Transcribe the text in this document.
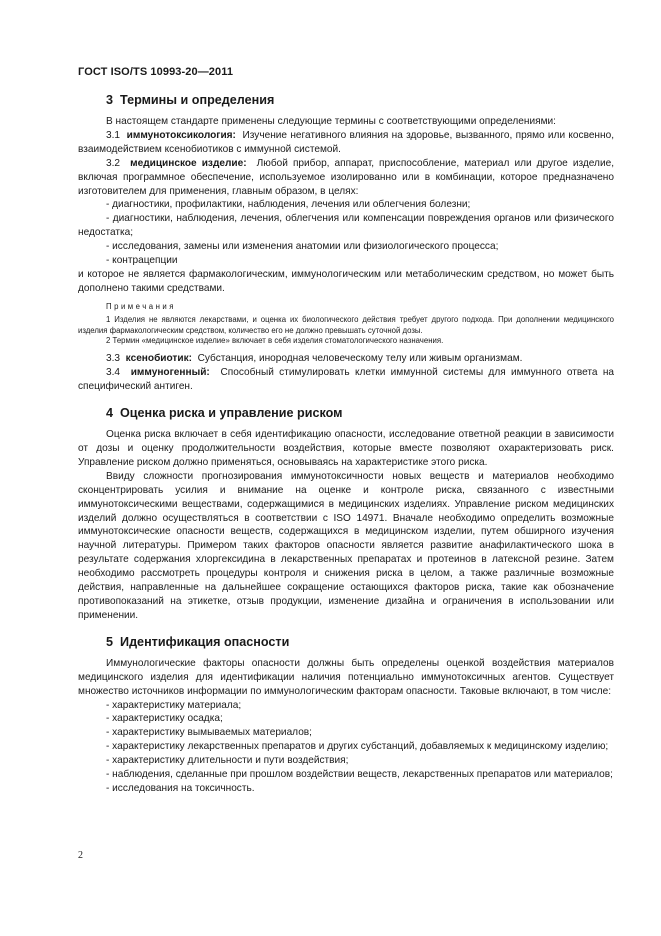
ГОСТ ISO/TS 10993-20—2011
3 Термины и определения

В настоящем стандарте применены следующие термины с соответствующими определениями:

3.1 иммунотоксикология: Изучение негативного влияния на здоровье, вызванного, прямо или косвенно, взаимодействием ксенобиотиков с иммунной системой.

3.2 медицинское изделие: Любой прибор, аппарат, приспособление, материал или другое изделие, включая программное обеспечение, используемое изолированно или в комбинации, которое предназначено изготовителем для применения, главным образом, в целях:

- диагностики, профилактики, наблюдения, лечения или облегчения болезни;

- диагностики, наблюдения, лечения, облегчения или компенсации повреждения органов или физического недостатка;

- исследования, замены или изменения анатомии или физиологического процесса;

- контрацепции

и которое не является фармакологическим, иммунологическим или метаболическим средством, но может быть дополнено такими средствами.

Примечания

1 Изделия не являются лекарствами, и оценка их биологического действия требует другого подхода. При дополнении медицинского изделия фармакологическим средством, количество его не должно превышать суточной дозы.

2 Термин «медицинское изделие» включает в себя изделия стоматологического назначения.

3.3 ксенобиотик: Субстанция, инородная человеческому телу или живым организмам.

3.4 иммуногенный: Способный стимулировать клетки иммунной системы для иммунного ответа на специфический антиген.

4 Оценка риска и управление риском

Оценка риска включает в себя идентификацию опасности, исследование ответной реакции в зависимости от дозы и оценку продолжительности воздействия, которые вместе позволяют охарактеризовать риск. Управление риском должно применяться, основываясь на характеристике этого риска.

Ввиду сложности прогнозирования иммунотоксичности новых веществ и материалов необходимо сконцентрировать усилия и внимание на оценке и контроле риска, связанного с известными иммунотоксическими веществами, содержащимися в медицинских изделиях. Управление риском медицинских изделий должно осуществляться в соответствии с ISO 14971. Вначале необходимо определить возможные иммунотоксические опасности веществ, содержащихся в медицинском изделии, путем обширного изучения научной литературы. Примером таких факторов опасности является развитие анафилактического шока в результате содержания хлоргексидина в лекарственных препаратах и протеинов в латексной резине. Затем необходимо рассмотреть процедуры контроля и снижения риска в целом, а также различные возможные действия, направленные на дальнейшее сокращение остающихся факторов риска, такие как обозначение противопоказаний на этикетке, отзыв продукции, изменение дизайна и ограничения в использовании или применении.

5 Идентификация опасности

Иммунологические факторы опасности должны быть определены оценкой воздействия материалов медицинского изделия для идентификации наличия потенциально иммунотоксичных агентов. Существует множество источников информации по иммунологическим факторам опасности. Таковые включают, в том числе:

- характеристику материала;

- характеристику осадка;

- характеристику вымываемых материалов;

- характеристику лекарственных препаратов и других субстанций, добавляемых к медицинскому изделию;

- характеристику длительности и пути воздействия;

- наблюдения, сделанные при прошлом воздействии веществ, лекарственных препаратов или материалов;

- исследования на токсичность.

2
